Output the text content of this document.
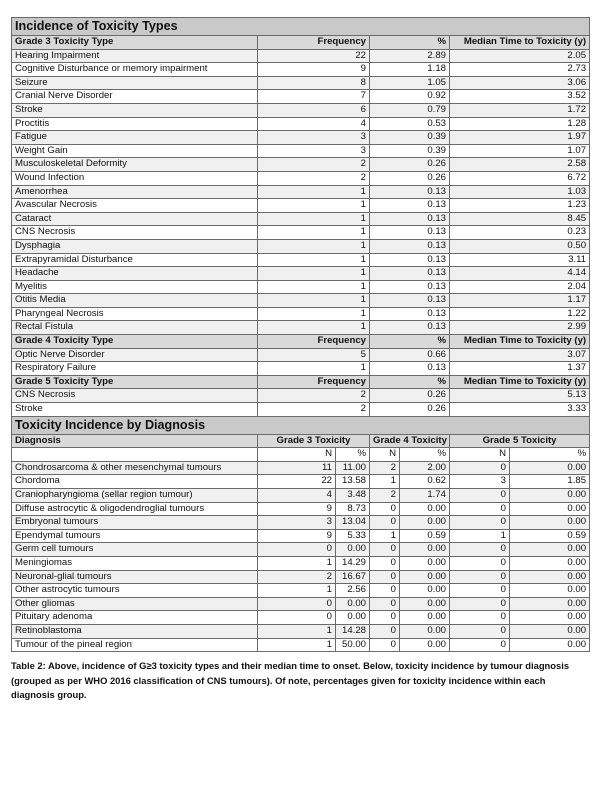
Incidence of Toxicity Types						
Grade 3 Toxicity Type	Frequency		%		Median Time to Toxicity (y)	
Hearing Impairment	22		2.89		2.05	
Cognitive Disturbance or memory impairment	9		1.18		2.73	
Seizure	8		1.05		3.06	
Cranial Nerve Disorder	7		0.92		3.52	
Stroke	6		0.79		1.72	
Proctitis	4		0.53		1.28	
Fatigue	3		0.39		1.97	
Weight Gain	3		0.39		1.07	
Musculoskeletal Deformity	2		0.26		2.58	
Wound Infection	2		0.26		6.72	
Amenorrhea	1		0.13		1.03	
Avascular Necrosis	1		0.13		1.23	
Cataract	1		0.13		8.45	
CNS Necrosis	1		0.13		0.23	
Dysphagia	1		0.13		0.50	
Extrapyramidal Disturbance	1		0.13		3.11	
Headache	1		0.13		4.14	
Myelitis	1		0.13		2.04	
Otitis Media	1		0.13		1.17	
Pharyngeal Necrosis	1		0.13		1.22	
Rectal Fistula	1		0.13		2.99	
Grade 4 Toxicity Type	Frequency		%		Median Time to Toxicity (y)	
Optic Nerve Disorder	5		0.66		3.07	
Respiratory Failure	1		0.13		1.37	
Grade 5 Toxicity Type	Frequency		%		Median Time to Toxicity (y)	
CNS Necrosis	2		0.26		5.13	
Stroke	2		0.26		3.33	
Toxicity Incidence by Diagnosis						
Diagnosis	Grade 3 Toxicity		Grade 4 Toxicity		Grade 5 Toxicity	
	N	%	N	%	N	%
Chondrosarcoma & other mesenchymal tumours	11	11.00	2	2.00	0	0.00
Chordoma	22	13.58	1	0.62	3	1.85
Craniopharyngioma (sellar region tumour)	4	3.48	2	1.74	0	0.00
Diffuse astrocytic & oligodendroglial tumours	9	8.73	0	0.00	0	0.00
Embryonal tumours	3	13.04	0	0.00	0	0.00
Ependymal tumours	9	5.33	1	0.59	1	0.59
Germ cell tumours	0	0.00	0	0.00	0	0.00
Meningiomas	1	14.29	0	0.00	0	0.00
Neuronal-glial tumours	2	16.67	0	0.00	0	0.00
Other astrocytic tumours	1	2.56	0	0.00	0	0.00
Other gliomas	0	0.00	0	0.00	0	0.00
Pituitary adenoma	0	0.00	0	0.00	0	0.00
Retinoblastoma	1	14.28	0	0.00	0	0.00
Tumour of the pineal region	1	50.00	0	0.00	0	0.00
Table 2: Above, incidence of G≥3 toxicity types and their median time to onset. Below, toxicity incidence by tumour diagnosis (grouped as per WHO 2016 classification of CNS tumours). Of note, percentages given for toxicity incidence within each diagnosis group.
